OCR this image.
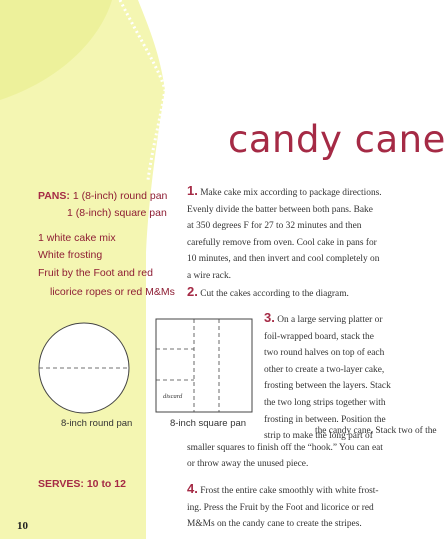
candy cane
PANS: 1 (8-inch) round pan
1 (8-inch) square pan
1 white cake mix
White frosting
Fruit by the Foot and red
licorice ropes or red M&Ms
8-inch round pan
discard
8-inch square pan
SERVES: 10 to 12
1. Make cake mix according to package directions.
Evenly divide the batter between both pans. Bake
at 350 degrees F for 27 to 32 minutes and then
carefully remove from oven. Cool cake in pans for
10 minutes, and then invert and cool completely on
a wire rack.
2. Cut the cakes according to the diagram.
3. On a large serving platter or
foil-wrapped board, stack the
two round halves on top of each
other to create a two-layer cake,
frosting between the layers. Stack
the two long strips together with
frosting in between. Position the
strip to make the long part of
the candy cane. Stack two of the
smaller squares to finish off the “hook.” You can eat
or throw away the unused piece.
4. Frost the entire cake smoothly with white frost-
ing. Press the Fruit by the Foot and licorice or red
M&Ms on the candy cane to create the stripes.
10
